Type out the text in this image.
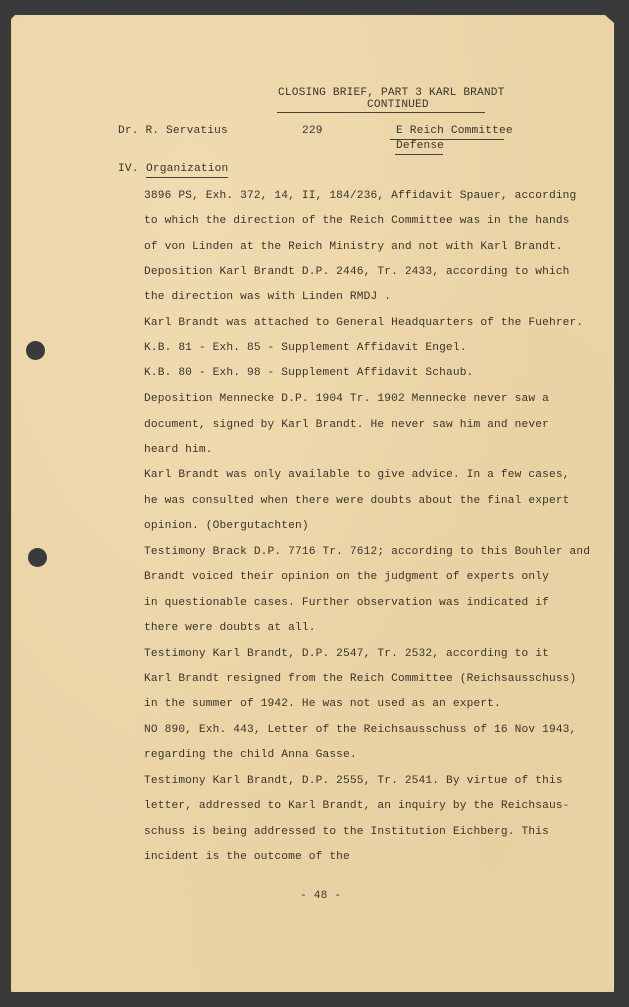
CLOSING BRIEF, PART 3 KARL BRANDT
CONTINUED
Dr. R. Servatius	229	E Reich Committee
Defense
IV. Organization
3896 PS, Exh. 372, 14, II, 184/236, Affidavit Spauer, according
to which the direction of the Reich Committee was in the hands
of von Linden at the Reich Ministry and not with Karl Brandt.
Deposition Karl Brandt D.P. 2446, Tr. 2433, according to which
the direction was with Linden RMDJ .
Karl Brandt was attached to General Headquarters of the Fuehrer.
K.B. 81 - Exh. 85 - Supplement Affidavit Engel.
K.B. 80 - Exh. 98 - Supplement Affidavit Schaub.
Deposition Mennecke D.P. 1904 Tr. 1902 Mennecke never saw a
document, signed by Karl Brandt. He never saw him and never
heard him.
Karl Brandt was only available to give advice. In a few cases,
he was consulted when there were doubts about the final expert
opinion. (Obergutachten)
Testimony Brack D.P. 7716 Tr. 7612; according to this Bouhler and
Brandt voiced their opinion on the judgment of experts only
in questionable cases. Further observation was indicated if
there were doubts at all.
Testimony Karl Brandt, D.P. 2547, Tr. 2532, according to it
Karl Brandt resigned from the Reich Committee (Reichsausschuss)
in the summer of 1942. He was not used as an expert.
NO 890, Exh. 443, Letter of the Reichsausschuss of 16 Nov 1943,
regarding the child Anna Gasse.
Testimony Karl Brandt, D.P. 2555, Tr. 2541. By virtue of this
letter, addressed to Karl Brandt, an inquiry by the Reichsaus-
schuss is being addressed to the Institution Eichberg. This
incident is the outcome of the
- 48 -
